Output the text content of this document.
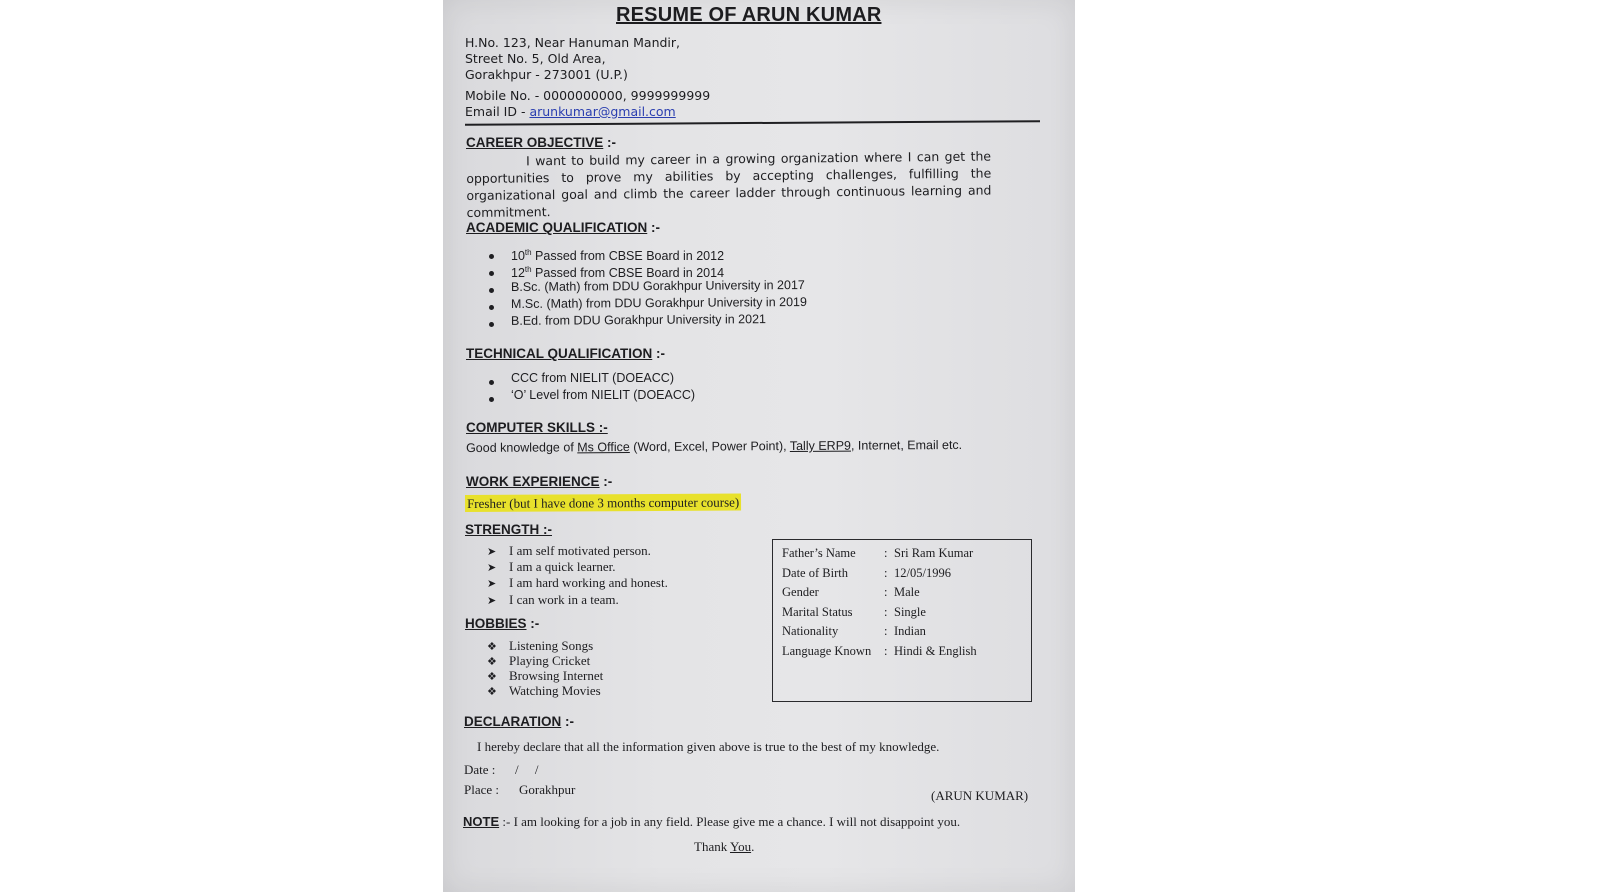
RESUME OF ARUN KUMAR
H.No. 123, Near Hanuman Mandir,
Street No. 5, Old Area,
Gorakhpur - 273001 (U.P.)
Mobile No. - 0000000000, 9999999999
Email ID - arunkumar@gmail.com
CAREER OBJECTIVE :-
I want to build my career in a growing organization where I can get the opportunities to prove my abilities by accepting challenges, fulfilling the organizational goal and climb the career ladder through continuous learning and commitment.
ACADEMIC QUALIFICATION :-
10th Passed from CBSE Board in 2012
12th Passed from CBSE Board in 2014
B.Sc. (Math) from DDU Gorakhpur University in 2017
M.Sc. (Math) from DDU Gorakhpur University in 2019
B.Ed. from DDU Gorakhpur University in 2021
TECHNICAL QUALIFICATION :-
CCC from NIELIT (DOEACC)
‘O’ Level from NIELIT (DOEACC)
COMPUTER SKILLS :-
Good knowledge of Ms Office (Word, Excel, Power Point), Tally ERP9, Internet, Email etc.
WORK EXPERIENCE :-
Fresher (but I have done 3 months computer course)
STRENGTH :-
➤ I am self motivated person.
➤ I am a quick learner.
➤ I am hard working and honest.
➤ I can work in a team.
HOBBIES :-
❖ Listening Songs
❖ Playing Cricket
❖ Browsing Internet
❖ Watching Movies
Father’s Name : Sri Ram Kumar
Date of Birth	: 12/05/1996
Gender	: Male
Marital Status	: Single
Nationality	: Indian
Language Known : Hindi & English
DECLARATION :-
I hereby declare that all the information given above is true to the best of my knowledge.
Date : /     /
Place : Gorakhpur	(ARUN KUMAR)
NOTE :- I am looking for a job in any field. Please give me a chance. I will not disappoint you.
Thank You.
